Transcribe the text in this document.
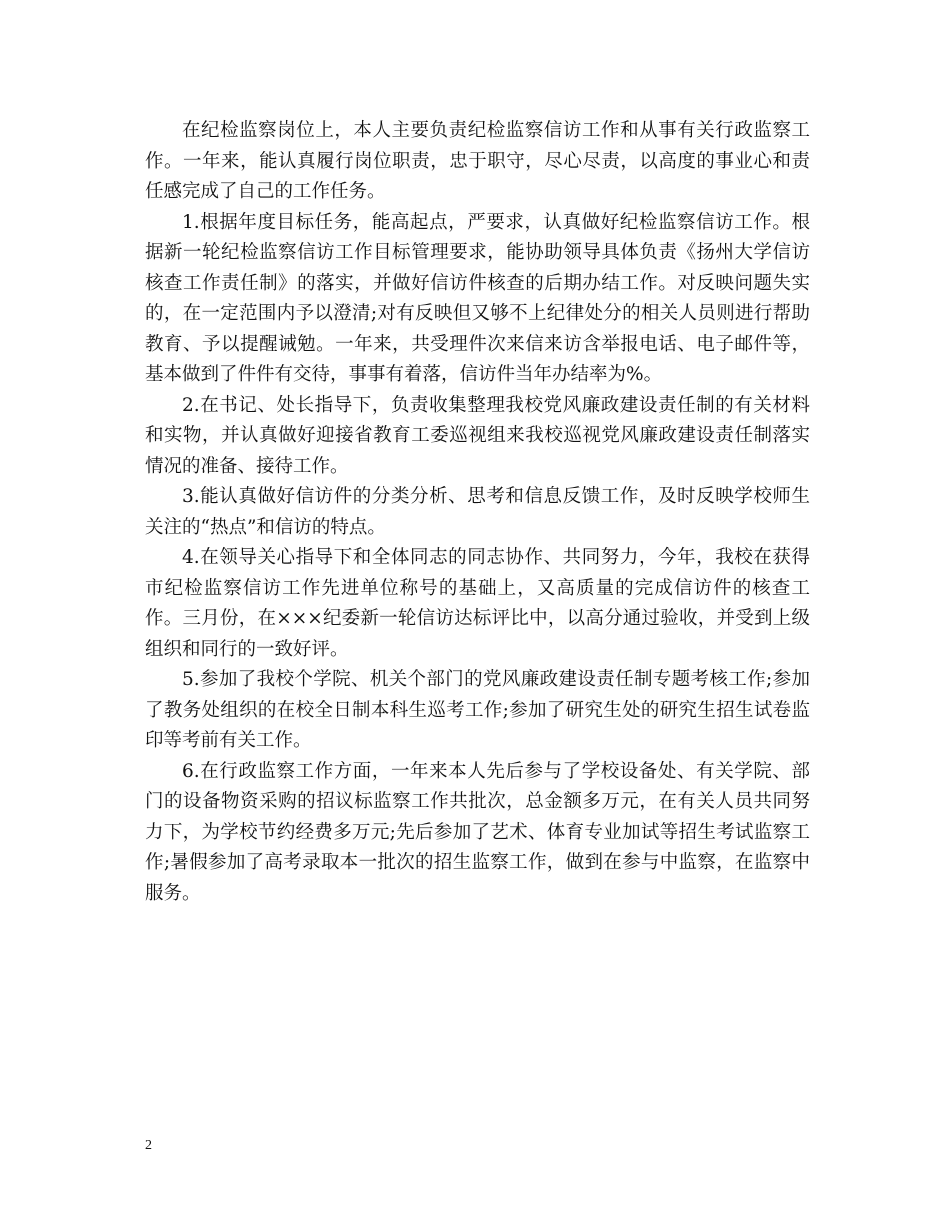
在纪检监察岗位上，本人主要负责纪检监察信访工作和从事有关行政监察工作。一年来，能认真履行岗位职责，忠于职守，尽心尽责，以高度的事业心和责任感完成了自己的工作任务。

1.根据年度目标任务，能高起点，严要求，认真做好纪检监察信访工作。根据新一轮纪检监察信访工作目标管理要求，能协助领导具体负责《扬州大学信访核查工作责任制》的落实，并做好信访件核查的后期办结工作。对反映问题失实的，在一定范围内予以澄清;对有反映但又够不上纪律处分的相关人员则进行帮助教育、予以提醒诫勉。一年来，共受理件次来信来访含举报电话、电子邮件等，基本做到了件件有交待，事事有着落，信访件当年办结率为%。

2.在书记、处长指导下，负责收集整理我校党风廉政建设责任制的有关材料和实物，并认真做好迎接省教育工委巡视组来我校巡视党风廉政建设责任制落实情况的准备、接待工作。

3.能认真做好信访件的分类分析、思考和信息反馈工作，及时反映学校师生关注的“热点”和信访的特点。

4.在领导关心指导下和全体同志的同志协作、共同努力，今年，我校在获得市纪检监察信访工作先进单位称号的基础上，又高质量的完成信访件的核查工作。三月份，在×××纪委新一轮信访达标评比中，以高分通过验收，并受到上级组织和同行的一致好评。

5.参加了我校个学院、机关个部门的党风廉政建设责任制专题考核工作;参加了教务处组织的在校全日制本科生巡考工作;参加了研究生处的研究生招生试卷监印等考前有关工作。

6.在行政监察工作方面，一年来本人先后参与了学校设备处、有关学院、部门的设备物资采购的招议标监察工作共批次，总金额多万元，在有关人员共同努力下，为学校节约经费多万元;先后参加了艺术、体育专业加试等招生考试监察工作;暑假参加了高考录取本一批次的招生监察工作，做到在参与中监察，在监察中服务。

2
